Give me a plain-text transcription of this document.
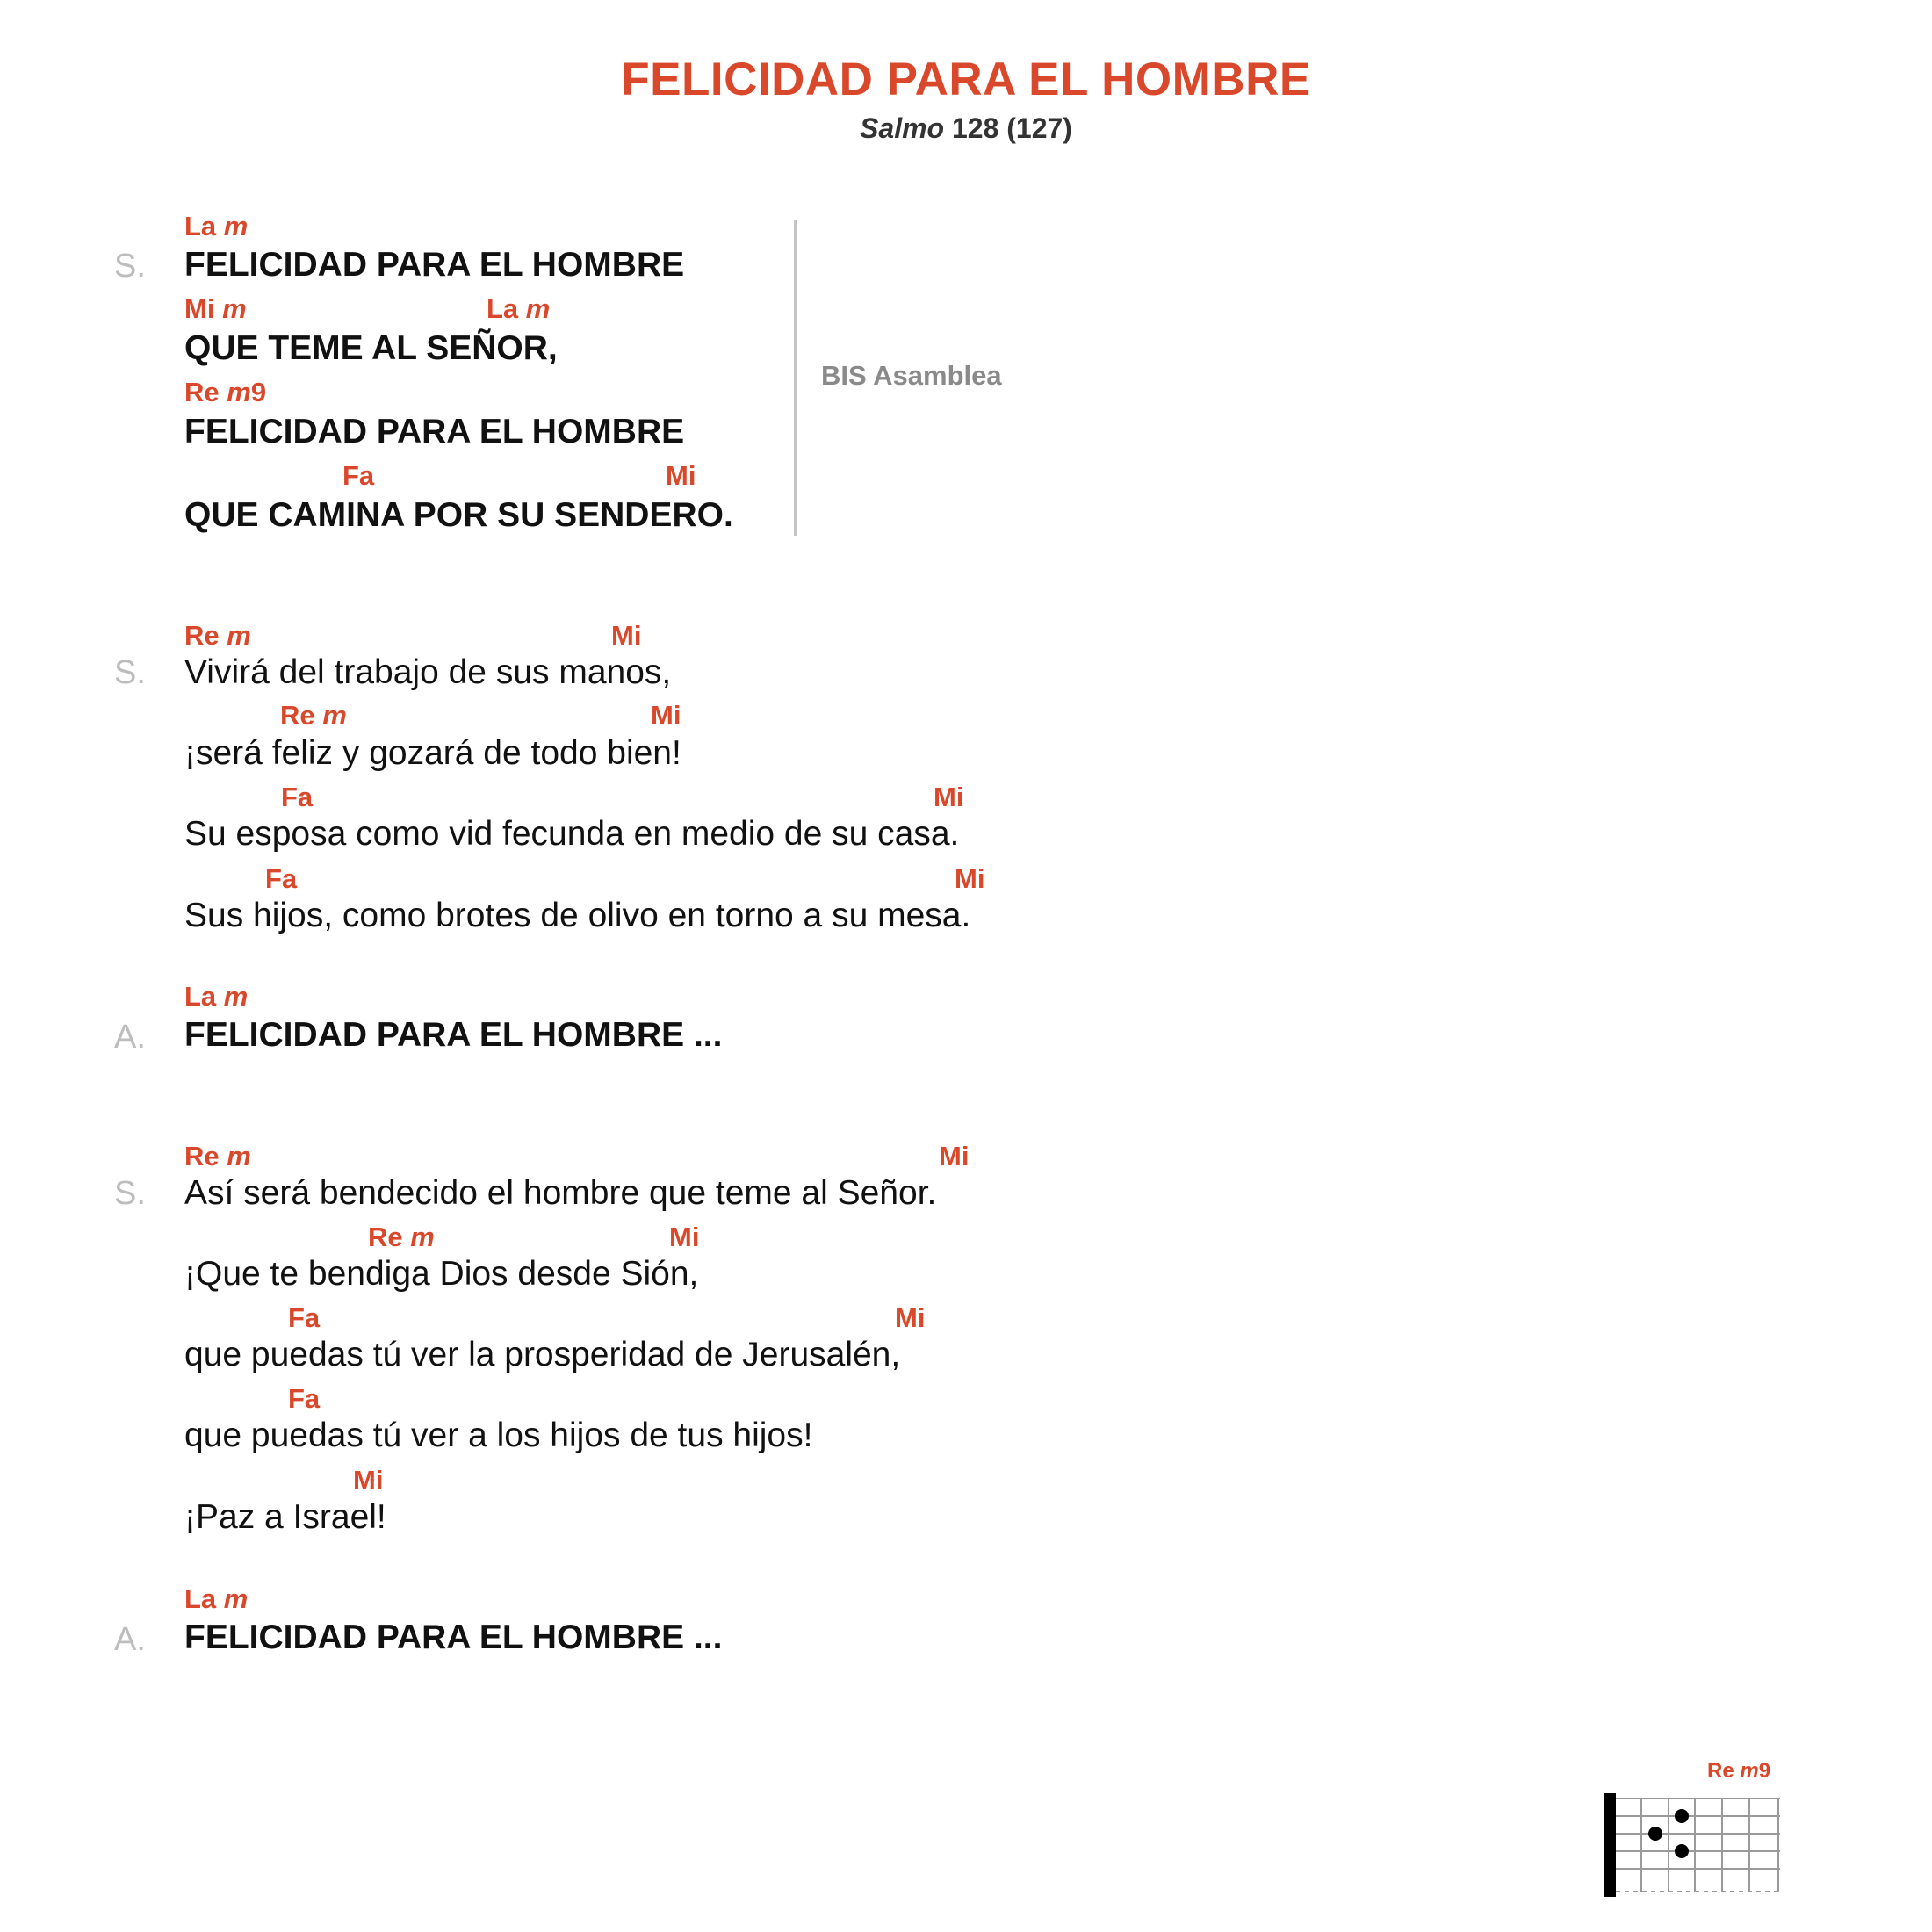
FELICIDAD PARA EL HOMBRE
Salmo 128 (127)
La m
S. FELICIDAD PARA EL HOMBRE
Mi m	La m
QUE TEME AL SEÑOR,
Re m9
FELICIDAD PARA EL HOMBRE
Fa	Mi
QUE CAMINA POR SU SENDERO.
BIS Asamblea
Re m	Mi
S. Vivirá del trabajo de sus manos,
Re m	Mi
¡será feliz y gozará de todo bien!
Fa	Mi
Su esposa como vid fecunda en medio de su casa.
Fa	Mi
Sus hijos, como brotes de olivo en torno a su mesa.
La m
A. FELICIDAD PARA EL HOMBRE ...
Re m	Mi
S. Así será bendecido el hombre que teme al Señor.
Re m	Mi
¡Que te bendiga Dios desde Sión,
Fa	Mi
que puedas tú ver la prosperidad de Jerusalén,
Fa
que puedas tú ver a los hijos de tus hijos!
Mi
¡Paz a Israel!
La m
A. FELICIDAD PARA EL HOMBRE ...
Re m9
